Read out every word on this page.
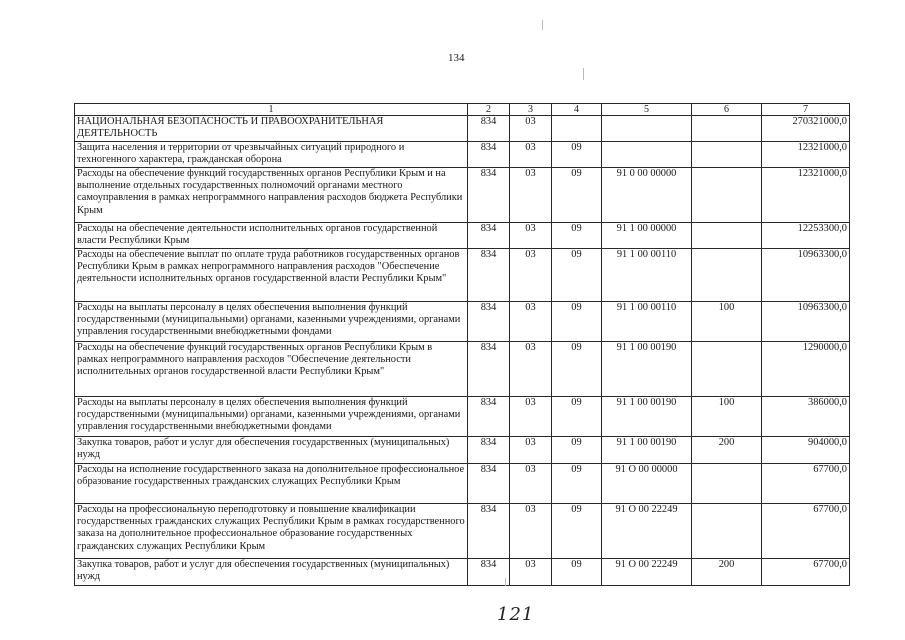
134
1	2	3	4	5	6	7
НАЦИОНАЛЬНАЯ БЕЗОПАСНОСТЬ И ПРАВООХРАНИТЕЛЬНАЯ ДЕЯТЕЛЬНОСТЬ	834	03				270321000,0
Защита населения и территории от чрезвычайных ситуаций природного и техногенного характера, гражданская оборона	834	03	09			12321000,0
Расходы на обеспечение функций государственных органов Республики Крым и на выполнение отдельных государственных полномочий органами местного самоуправления в рамках непрограммного направления расходов бюджета Республики Крым	834	03	09	91 0 00 00000		12321000,0
Расходы на обеспечение деятельности исполнительных органов государственной власти Республики Крым	834	03	09	91 1 00 00000		12253300,0
Расходы на обеспечение выплат по оплате труда работников государственных органов Республики Крым в рамках непрограммного направления расходов "Обеспечение деятельности исполнительных органов государственной власти Республики Крым"	834	03	09	91 1 00 00110		10963300,0
Расходы на выплаты персоналу в целях обеспечения выполнения функций государственными (муниципальными) органами, казенными учреждениями, органами управления государственными внебюджетными фондами	834	03	09	91 1 00 00110	100	10963300,0
Расходы на обеспечение функций государственных органов Республики Крым в рамках непрограммного направления расходов "Обеспечение деятельности исполнительных органов государственной власти Республики Крым"	834	03	09	91 1 00 00190		1290000,0
Расходы на выплаты персоналу в целях обеспечения выполнения функций государственными (муниципальными) органами, казенными учреждениями, органами управления государственными внебюджетными фондами	834	03	09	91 1 00 00190	100	386000,0
Закупка товаров, работ и услуг для обеспечения государственных (муниципальных) нужд	834	03	09	91 1 00 00190	200	904000,0
Расходы на исполнение государственного заказа на дополнительное профессиональное образование государственных гражданских служащих Республики Крым	834	03	09	91 О 00 00000		67700,0
Расходы на профессиональную переподготовку и повышение квалификации государственных гражданских служащих Республики Крым в рамках государственного заказа на дополнительное профессиональное образование государственных гражданских служащих Республики Крым	834	03	09	91 О 00 22249		67700,0
Закупка товаров, работ и услуг для обеспечения государственных (муниципальных) нужд	834	03	09	91 О 00 22249	200	67700,0
121
